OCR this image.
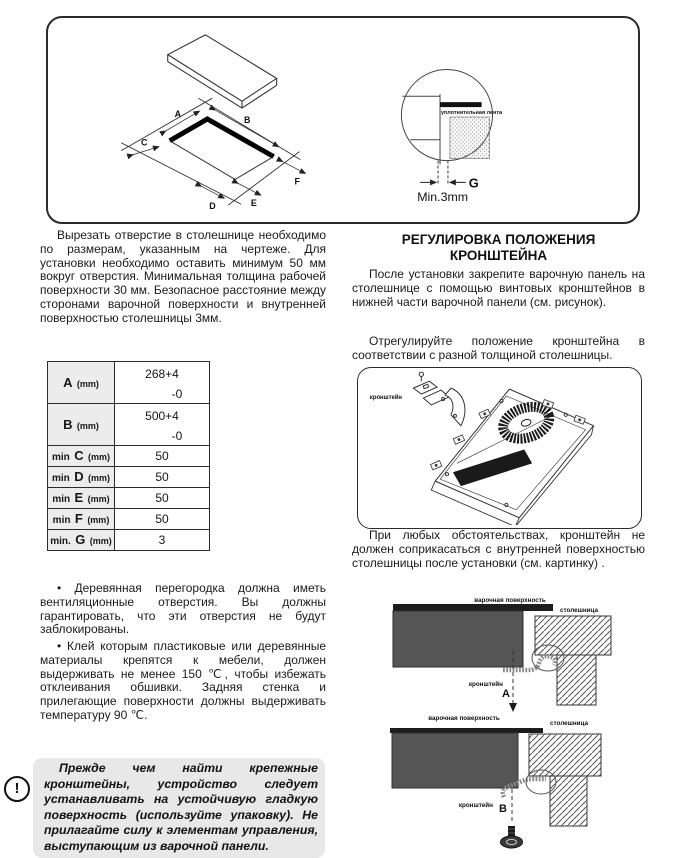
A
B
C
D	E
F
уплотнительная лента
G
Min.3mm
Вырезать отверстие в столешнице необходимо по размерам, указанным на чертеже. Для установки необходимо оставить минимум 50 мм вокруг отверстия. Минимальная толщина рабочей поверхности 30 мм. Безопасное расстояние между сторонами варочной поверхности и внутренней поверхностью столешницы 3мм.
A (mm)	268+4
-0

B (mm)	500+4
-0

min C (mm)	50
min D (mm)	50
min E (mm)	50
min F (mm)	50
min. G (mm)	3
• Деревянная перегородка должна иметь вентиляционные отверстия. Вы должны гарантировать, что эти отверстия не будут заблокированы.
• Клей которым пластиковые или деревянные материалы крепятся к мебели, должен выдерживать не менее 150 ℃, чтобы избежать отклеивания обшивки. Задняя стенка и прилегающие поверхности должны выдерживать температуру 90 ℃.
Прежде чем найти крепежные кронштейны, устройство следует устанавливать на устойчивую гладкую поверхность (используйте упаковку). Не прилагайте силу к элементам управления, выступающим из варочной панели.
!
РЕГУЛИРОВКА ПОЛОЖЕНИЯ КРОНШТЕЙНА
После установки закрепите варочную панель на столешнице с помощью винтовых кронштейнов в нижней части варочной панели (см. рисунок).
Отрегулируйте положение кронштейна в соответствии с разной толщиной столешницы.
кронштейн
При любых обстоятельствах, кронштейн не должен соприкасаться с внутренней поверхностью столешницы после установки (см. картинку) .
варочная поверхность
столешница
кронштейн
A
варочная поверхность
столешница
кронштейн B
